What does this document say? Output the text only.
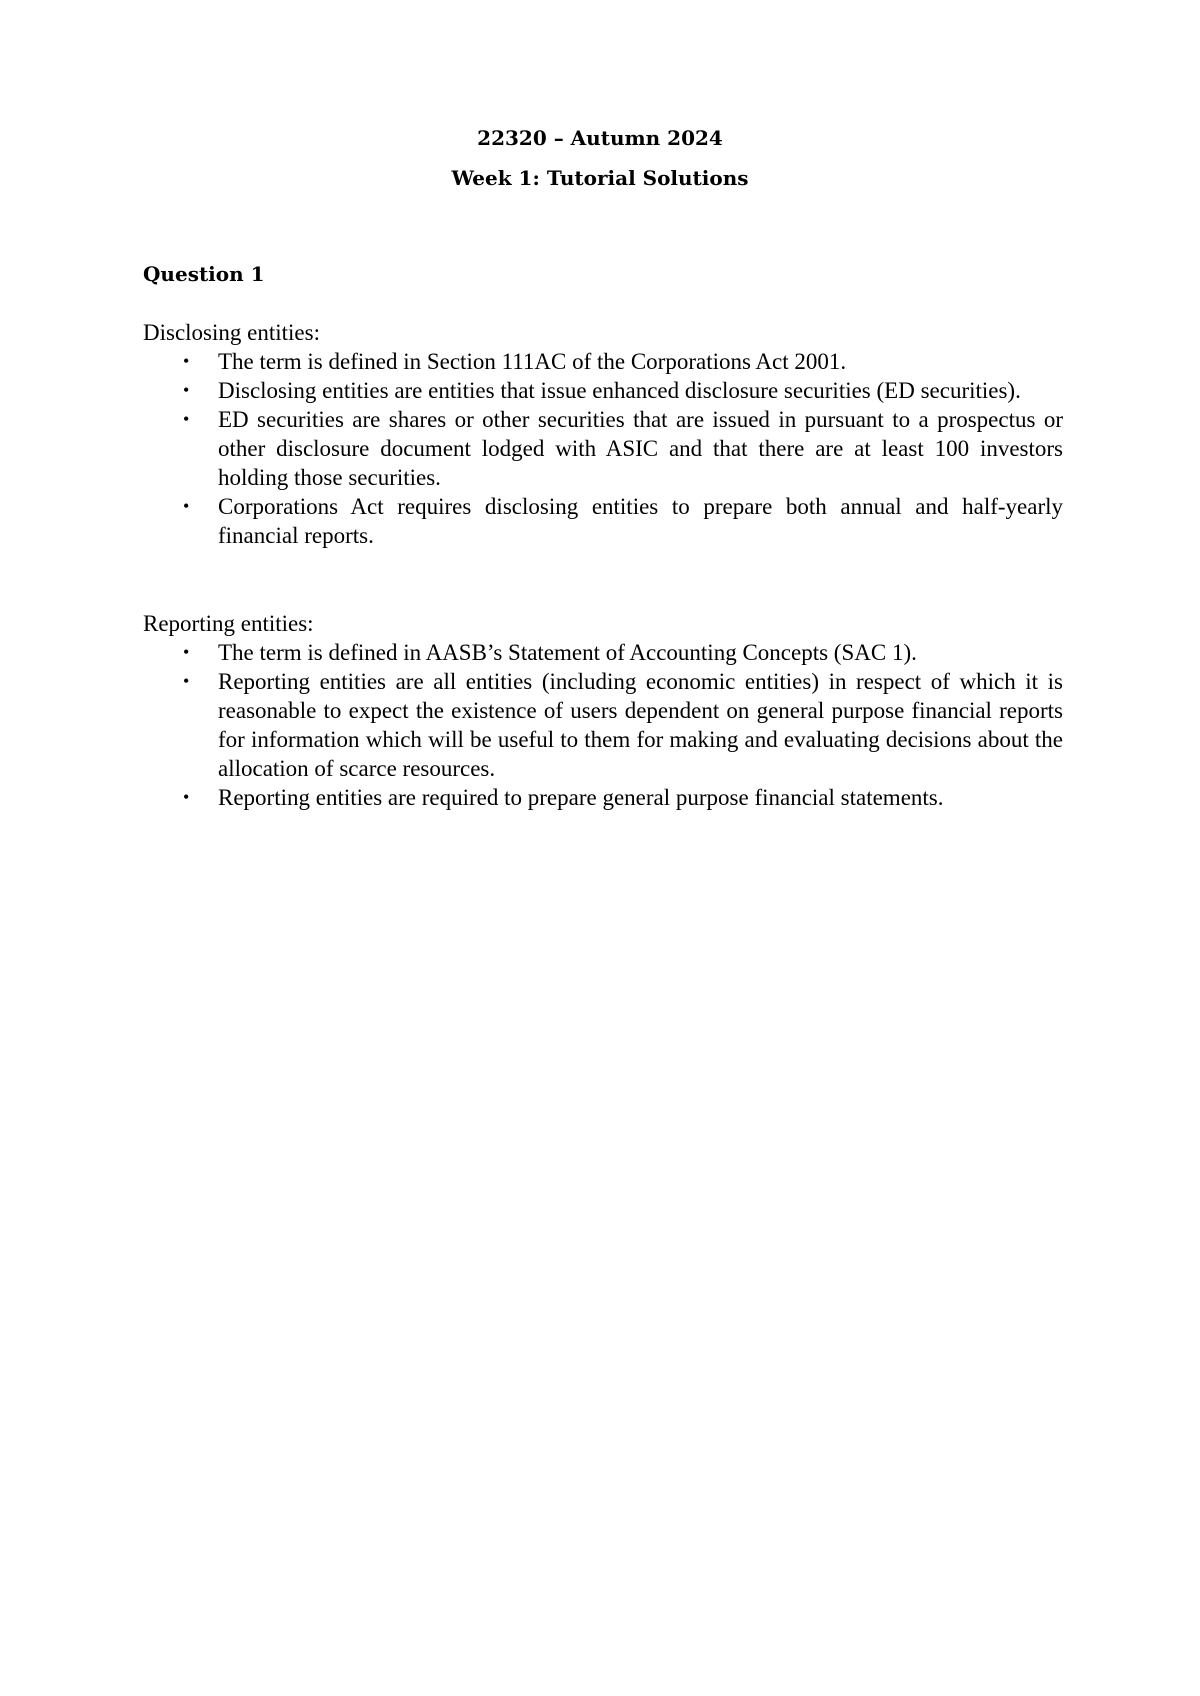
22320 – Autumn 2024

Week 1: Tutorial Solutions

Question 1

Disclosing entities:

• The term is defined in Section 111AC of the Corporations Act 2001.
• Disclosing entities are entities that issue enhanced disclosure securities (ED securities).
• ED securities are shares or other securities that are issued in pursuant to a prospectus or other disclosure document lodged with ASIC and that there are at least 100 investors holding those securities.
• Corporations Act requires disclosing entities to prepare both annual and half-yearly financial reports.

Reporting entities:

• The term is defined in AASB’s Statement of Accounting Concepts (SAC 1).
• Reporting entities are all entities (including economic entities) in respect of which it is reasonable to expect the existence of users dependent on general purpose financial reports for information which will be useful to them for making and evaluating decisions about the allocation of scarce resources.
• Reporting entities are required to prepare general purpose financial statements.
